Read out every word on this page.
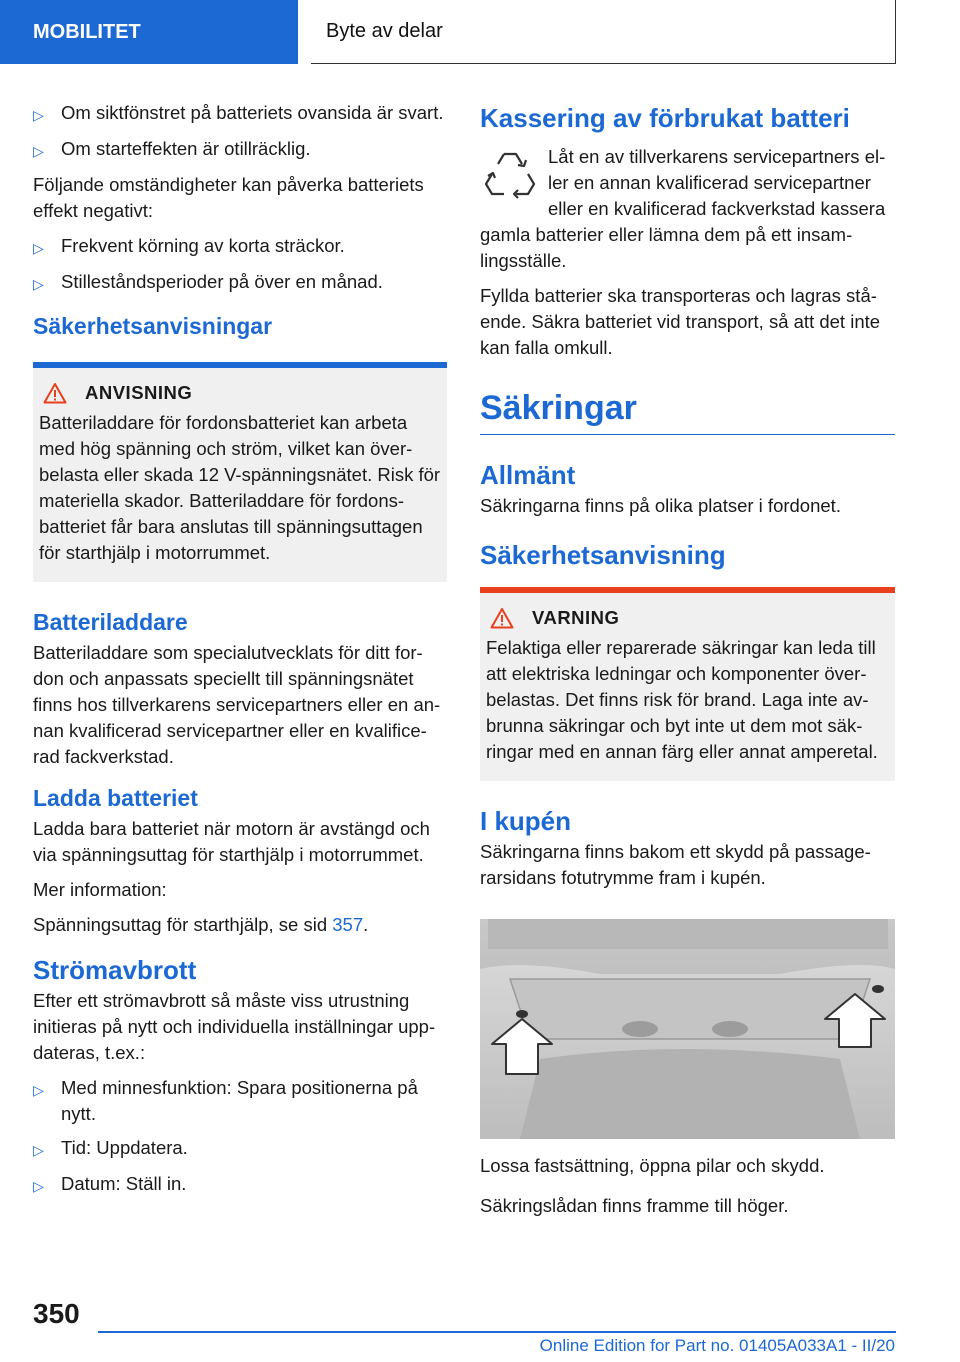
MOBILITET	Byte av delar
▷ Om siktfönstret på batteriets ovansida är svart.
▷ Om starteffekten är otillräcklig.

Följande omständigheter kan påverka batteriets effekt negativt:

▷ Frekvent körning av korta sträckor.
▷ Stilleståndsperioder på över en månad.
Säkerhetsanvisningar
ANVISNING

Batteriladdare för fordonsbatteriet kan arbeta med hög spänning och ström, vilket kan överbelasta eller skada 12 V-spänningsnätet. Risk för materiella skador. Batteriladdare för fordonsbatteriet får bara anslutas till spänningsuttagen för starthjälp i motorrummet.

Batteriladdare

Batteriladdare som specialutvecklats för ditt fordon och anpassats speciellt till spänningsnätet finns hos tillverkarens servicepartners eller en annan kvalificerad servicepartner eller en kvalificerad fackverkstad.

Ladda batteriet

Ladda bara batteriet när motorn är avstängd och via spänningsuttag för starthjälp i motorrummet.

Mer information:

Spänningsuttag för starthjälp, se sid 357.

Strömavbrott

Efter ett strömavbrott så måste viss utrustning initieras på nytt och individuella inställningar uppdateras, t.ex.:

▷ Med minnesfunktion: Spara positionerna på nytt.
▷ Tid: Uppdatera.
▷ Datum: Ställ in.
Kassering av förbrukat batteri

Låt en av tillverkarens servicepartners eller en annan kvalificerad servicepartner eller en kvalificerad fackverkstad kassera gamla batterier eller lämna dem på ett insamlingsställe.

Fyllda batterier ska transporteras och lagras stående. Säkra batteriet vid transport, så att det inte kan falla omkull.

Säkringar
Allmänt

Säkringarna finns på olika platser i fordonet.

Säkerhetsanvisning
VARNING

Felaktiga eller reparerade säkringar kan leda till att elektriska ledningar och komponenter överbelastas. Det finns risk för brand. Laga inte avbrunna säkringar och byt inte ut dem mot säkringar med en annan färg eller annat amperetal.

I kupén

Säkringarna finns bakom ett skydd på passagerarsidans fotutrymme fram i kupén.

Lossa fastsättning, öppna pilar och skydd.

Säkringslådan finns framme till höger.

350
Online Edition for Part no. 01405A033A1 - II/20
